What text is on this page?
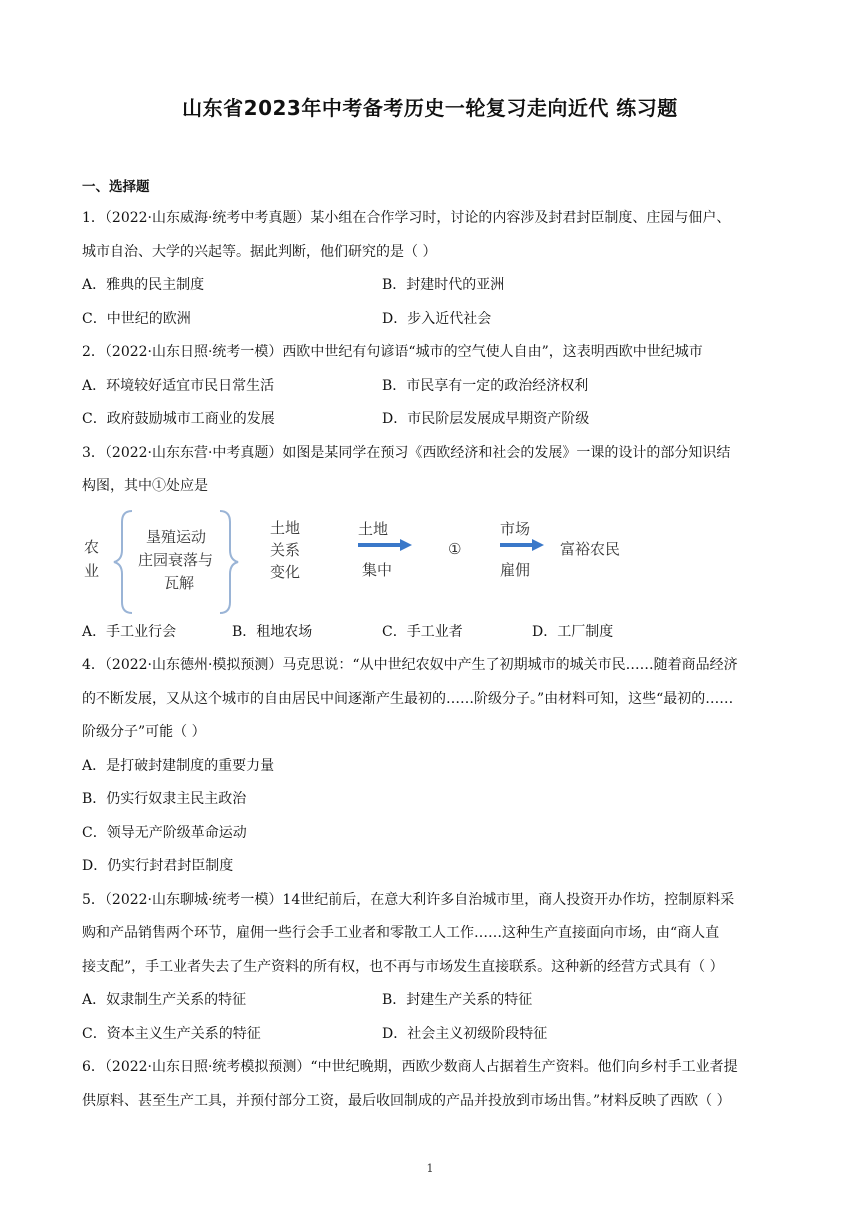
山东省2023年中考备考历史一轮复习走向近代 练习题
一、选择题
1．（2022·山东威海·统考中考真题）某小组在合作学习时，讨论的内容涉及封君封臣制度、庄园与佃户、
城市自治、大学的兴起等。据此判断，他们研究的是（ ）
A．雅典的民主制度	B．封建时代的亚洲
C．中世纪的欧洲	D．步入近代社会
2．（2022·山东日照·统考一模）西欧中世纪有句谚语“城市的空气使人自由”，这表明西欧中世纪城市
A．环境较好适宜市民日常生活	B．市民享有一定的政治经济权利
C．政府鼓励城市工商业的发展	D．市民阶层发展成早期资产阶级
3．（2022·山东东营·中考真题）如图是某同学在预习《西欧经济和社会的发展》一课的设计的部分知识结
构图，其中①处应是
农
业
垦殖运动
庄园衰落与
瓦解
土地
关系
变化
土地
集中
①
市场
雇佣
富裕农民
A．手工业行会	B．租地农场	C．手工业者	D．工厂制度
4．（2022·山东德州·模拟预测）马克思说：“从中世纪农奴中产生了初期城市的城关市民……随着商品经济
的不断发展，又从这个城市的自由居民中间逐渐产生最初的……阶级分子。”由材料可知，这些“最初的……
阶级分子”可能（ ）
A．是打破封建制度的重要力量
B．仍实行奴隶主民主政治
C．领导无产阶级革命运动
D．仍实行封君封臣制度
5．（2022·山东聊城·统考一模）14世纪前后，在意大利许多自治城市里，商人投资开办作坊，控制原料采
购和产品销售两个环节，雇佣一些行会手工业者和零散工人工作……这种生产直接面向市场，由“商人直
接支配”，手工业者失去了生产资料的所有权，也不再与市场发生直接联系。这种新的经营方式具有（ ）
A．奴隶制生产关系的特征	B．封建生产关系的特征
C．资本主义生产关系的特征	D．社会主义初级阶段特征
6．（2022·山东日照·统考模拟预测）“中世纪晚期，西欧少数商人占据着生产资料。他们向乡村手工业者提
供原料、甚至生产工具，并预付部分工资，最后收回制成的产品并投放到市场出售。”材料反映了西欧（ ）
1
